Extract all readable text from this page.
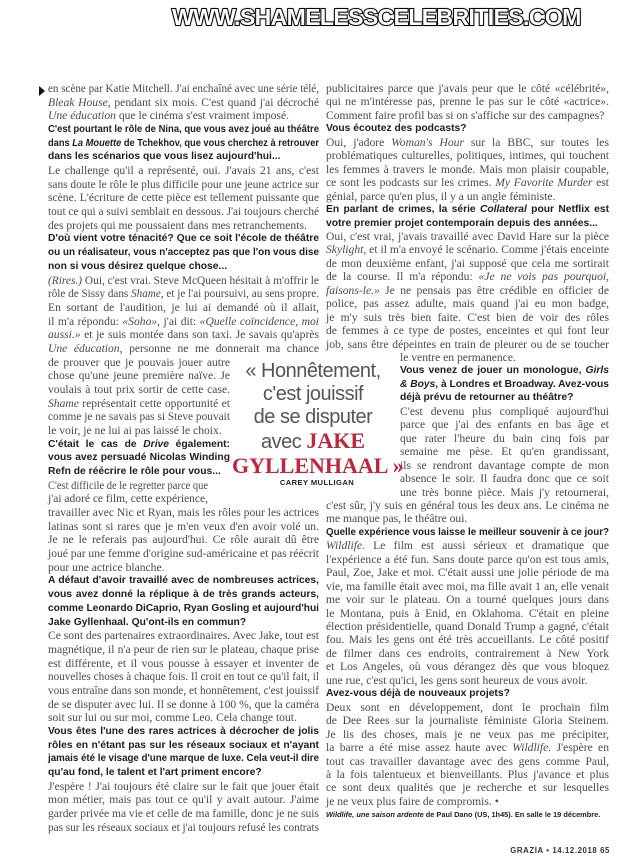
WWW.SHAMELESSCELEBRITIES.COM
en scène par Katie Mitchell. J'ai enchaîné avec une série télé,
Bleak House, pendant six mois. C'est quand j'ai décroché
Une éducation que le cinéma s'est vraiment imposé.
C'est pourtant le rôle de Nina, que vous avez joué au théâtre
dans La Mouette de Tchekhov, que vous cherchez à retrouver
dans les scénarios que vous lisez aujourd'hui...
Le challenge qu'il a représenté, oui. J'avais 21 ans, c'est
sans doute le rôle le plus difficile pour une jeune actrice sur
scène. L'écriture de cette pièce est tellement puissante que
tout ce qui a suivi semblait en dessous. J'ai toujours cherché
des projets qui me poussaient dans mes retranchements.
D'où vient votre ténacité? Que ce soit l'école de théâtre
ou un réalisateur, vous n'acceptez pas que l'on vous dise
non si vous désirez quelque chose...
(Rires.) Oui, c'est vrai. Steve McQueen hésitait à m'offrir le
rôle de Sissy dans Shame, et je l'ai poursuivi, au sens propre.
En sortant de l'audition, je lui ai demandé où il allait,
il m'a répondu: «Soho», j'ai dit: «Quelle coïncidence, moi
aussi.» et je suis montée dans son taxi. Je savais qu'après
Une éducation, personne ne me donnerait ma chance
de prouver que je pouvais jouer autre
chose qu'une jeune première naïve. Je
voulais à tout prix sortir de cette case.
Shame représentait cette opportunité et
comme je ne savais pas si Steve pouvait
le voir, je ne lui ai pas laissé le choix.
C'était le cas de Drive également:
vous avez persuadé Nicolas Winding
Refn de réécrire le rôle pour vous...
C'est difficile de le regretter parce que
j'ai adoré ce film, cette expérience,
travailler avec Nic et Ryan, mais les rôles pour les actrices
latinas sont si rares que je m'en veux d'en avoir volé un.
Je ne le referais pas aujourd'hui. Ce rôle aurait dû être
joué par une femme d'origine sud-américaine et pas réécrit
pour une actrice blanche.
A défaut d'avoir travaillé avec de nombreuses actrices,
vous avez donné la réplique à de très grands acteurs,
comme Leonardo DiCaprio, Ryan Gosling et aujourd'hui
Jake Gyllenhaal. Qu'ont-ils en commun?
Ce sont des partenaires extraordinaires. Avec Jake, tout est
magnétique, il n'a peur de rien sur le plateau, chaque prise
est différente, et il vous pousse à essayer et inventer de
nouvelles choses à chaque fois. Il croit en tout ce qu'il fait, il
vous entraîne dans son monde, et honnêtement, c'est jouissif
de se disputer avec lui. Il se donne à 100 %, que la caméra
soit sur lui ou sur moi, comme Leo. Cela change tout.
Vous êtes l'une des rares actrices à décrocher de jolis
rôles en n'étant pas sur les réseaux sociaux et n'ayant
jamais été le visage d'une marque de luxe. Cela veut-il dire
qu'au fond, le talent et l'art priment encore?
J'espère ! J'ai toujours été claire sur le fait que jouer était
mon métier, mais pas tout ce qu'il y avait autour. J'aime
garder privée ma vie et celle de ma famille, donc je ne suis
pas sur les réseaux sociaux et j'ai toujours refusé les contrats
publicitaires parce que j'avais peur que le côté «célébrité»,
qui ne m'intéresse pas, prenne le pas sur le côté «actrice».
Comment faire profil bas si on s'affiche sur des campagnes?
Vous écoutez des podcasts?
Oui, j'adore Woman's Hour sur la BBC, sur toutes les
problématiques culturelles, politiques, intimes, qui touchent
les femmes à travers le monde. Mais mon plaisir coupable,
ce sont les podcasts sur les crimes. My Favorite Murder est
génial, parce qu'en plus, il y a un angle féministe.
En parlant de crimes, la série Collateral pour Netflix est
votre premier projet contemporain depuis des années...
Oui, c'est vrai, j'avais travaillé avec David Hare sur la pièce
Skylight, et il m'a envoyé le scénario. Comme j'étais enceinte
de mon deuxième enfant, j'ai supposé que cela me sortirait
de la course. Il m'a répondu: «Je ne vois pas pourquoi,
faisons-le.» Je ne pensais pas être crédible en officier de
police, pas assez adulte, mais quand j'ai eu mon badge,
je m'y suis très bien faite. C'est bien de voir des rôles
de femmes à ce type de postes, enceintes et qui font leur
job, sans être dépeintes en train de pleurer ou de se toucher
le ventre en permanence.
Vous venez de jouer un monologue, Girls
& Boys, à Londres et Broadway. Avez-vous
déjà prévu de retourner au théâtre?
C'est devenu plus compliqué aujourd'hui
parce que j'ai des enfants en bas âge et
que rater l'heure du bain cinq fois par
semaine me pèse. Et qu'en grandissant,
ils se rendront davantage compte de mon
absence le soir. Il faudra donc que ce soit
une très bonne pièce. Mais j'y retournerai,
c'est sûr, j'y suis en général tous les deux ans. Le cinéma ne
me manque pas, le théâtre oui.
Quelle expérience vous laisse le meilleur souvenir à ce jour?
Wildlife. Le film est aussi sérieux et dramatique que
l'expérience a été fun. Sans doute parce qu'on est tous amis,
Paul, Zoe, Jake et moi. C'était aussi une jolie période de ma
vie, ma famille était avec moi, ma fille avait 1 an, elle venait
me voir sur le plateau. On a tourné quelques jours dans
le Montana, puis à Enid, en Oklahoma. C'était en pleine
élection présidentielle, quand Donald Trump a gagné, c'était
fou. Mais les gens ont été très accueillants. Le côté positif
de filmer dans ces endroits, contrairement à New York
et Los Angeles, où vous dérangez dès que vous bloquez
une rue, c'est qu'ici, les gens sont heureux de vous avoir.
Avez-vous déjà de nouveaux projets?
Deux sont en développement, dont le prochain film
de Dee Rees sur la journaliste féministe Gloria Steinem.
Je lis des choses, mais je ne veux pas me précipiter,
la barre a été mise assez haute avec Wildlife. J'espère en
tout cas travailler davantage avec des gens comme Paul,
à la fois talentueux et bienveillants. Plus j'avance et plus
ce sont deux qualités que je recherche et sur lesquelles
je ne veux plus faire de compromis. •
Wildlife, une saison ardente de Paul Dano (US, 1h45). En salle le 19 décembre.
« Honnêtement,
c'est jouissif
de se disputer
avec JAKE
GYLLENHAAL »
CAREY MULLIGAN
GRAZIA • 14.12.2018 65
